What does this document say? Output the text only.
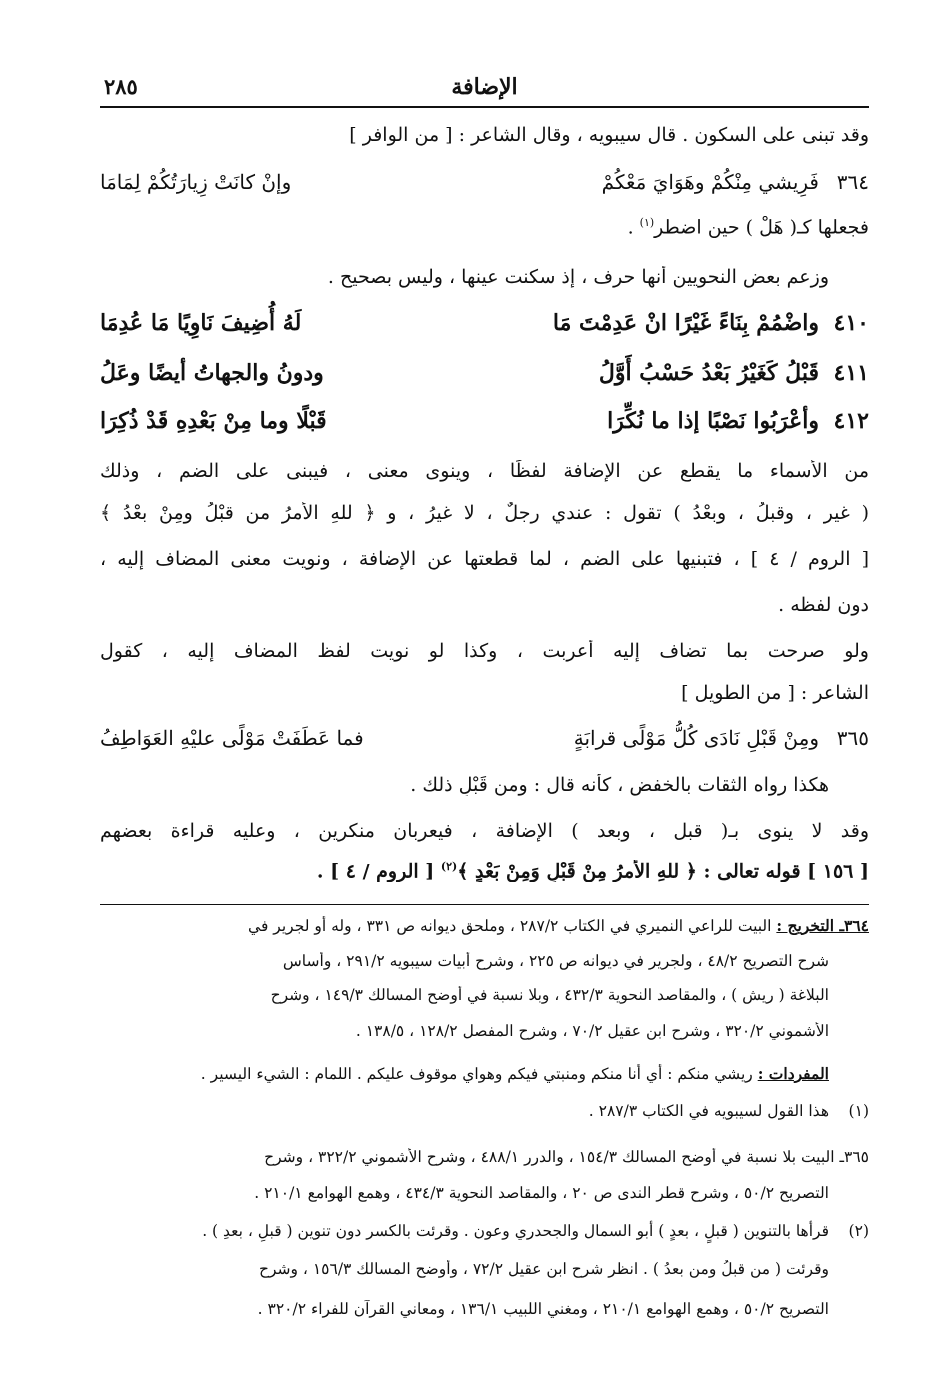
الإضافة
٢٨٥
وقد تبنى على السكون . قال سيبويه ، وقال الشاعر : [ من الوافر ]
٣٦٤
فَرِيشي مِنْكُمْ وهَوَايَ مَعْكُمْ
وإنْ كانَتْ زِيارَتُكُمْ لِمَامَا
فجعلها كـ( هَلْ ) حين اضطر$^{(١)}$ .
وزعم بعض النحويين أنها حرف ، إذ سكنت عينها ، وليس بصحيح .
٤١٠
واضْمُمْ بِنَاءً غَيْرًا انْ عَدِمْتَ مَا
لَهُ أُضِيفَ نَاوِيًا مَا عُدِمَا
٤١١
قَبْلُ كَغَيْرُ بَعْدُ حَسْبُ أَوَّلُ
ودونُ والجهاتُ أيضًا وعَلُ
٤١٢
وأعْرَبُوا نَصْبًا إذا ما نُكِّرَا
قَبْلًا وما مِنْ بَعْدِهِ قَدْ ذُكِرَا
من الأسماء ما يقطع عن الإضافة لفظًا ، وينوى معنى ، فيبنى على الضم ، وذلك
( غير ، وقبلُ ، وبعْدُ ) تقول : عندي رجلٌ ، لا غيرُ ، و ﴿ للهِ الأمرُ من قبْلُ ومِنْ بعْدُ ﴾
[ الروم / ٤ ] ، فتبنيها على الضم ، لما قطعتها عن الإضافة ، ونويت معنى المضاف إليه ،
دون لفظه .
ولو صرحت بما تضاف إليه أعربت ، وكذا لو نويت لفظ المضاف إليه ، كقول
الشاعر : [ من الطويل ]
٣٦٥
ومِنْ قَبْلِ نَادَى كُلُّ مَوْلًى قرابَةٍ
فما عَطَفَتْ مَوْلًى عليْهِ العَوَاطِفُ
هكذا رواه الثقات بالخفض ، كأنه قال : ومن قَبْلِ ذلك .
وقد لا ينوى بـ( قبل ، وبعد ) الإضافة ، فيعربان منكرين ، وعليه قراءة بعضهم
[ ١٥٦ ] قوله تعالى : ﴿ للهِ الأمرُ مِنْ قَبْلٍ وَمِنْ بَعْدٍ ﴾$^{(٢)}$ [ الروم / ٤ ] .
٣٦٤ـ التخريج : البيت للراعي النميري في الكتاب ٢٨٧/٢ ، وملحق ديوانه ص ٣٣١ ، وله أو لجرير في
شرح التصريح ٤٨/٢ ، ولجرير في ديوانه ص ٢٢٥ ، وشرح أبيات سيبويه ٢٩١/٢ ، وأساس
البلاغة ( ريش ) ، والمقاصد النحوية ٤٣٢/٣ ، وبلا نسبة في أوضح المسالك ١٤٩/٣ ، وشرح
الأشموني ٣٢٠/٢ ، وشرح ابن عقيل ٧٠/٢ ، وشرح المفصل ١٢٨/٢ ، ١٣٨/٥ .
المفردات : ريشي منكم : أي أنا منكم ومنبتي فيكم وهواي موقوف عليكم . اللمام : الشيء اليسير .
(١)
هذا القول لسيبويه في الكتاب ٢٨٧/٣ .
٣٦٥ـ البيت بلا نسبة في أوضح المسالك ١٥٤/٣ ، والدرر ٤٨٨/١ ، وشرح الأشموني ٣٢٢/٢ ، وشرح
التصريح ٥٠/٢ ، وشرح قطر الندى ص ٢٠ ، والمقاصد النحوية ٤٣٤/٣ ، وهمع الهوامع ٢١٠/١ .
(٢)
قرأها بالتنوين ( قبلٍ ، بعدٍ ) أبو السمال والجحدري وعون . وقرئت بالكسر دون تنوين ( قبلِ ، بعدِ ) .
وقرئت ( من قبلُ ومن بعدُ ) . انظر شرح ابن عقيل ٧٢/٢ ، وأوضح المسالك ١٥٦/٣ ، وشرح
التصريح ٥٠/٢ ، وهمع الهوامع ٢١٠/١ ، ومغني اللبيب ١٣٦/١ ، ومعاني القرآن للفراء ٣٢٠/٢ .
